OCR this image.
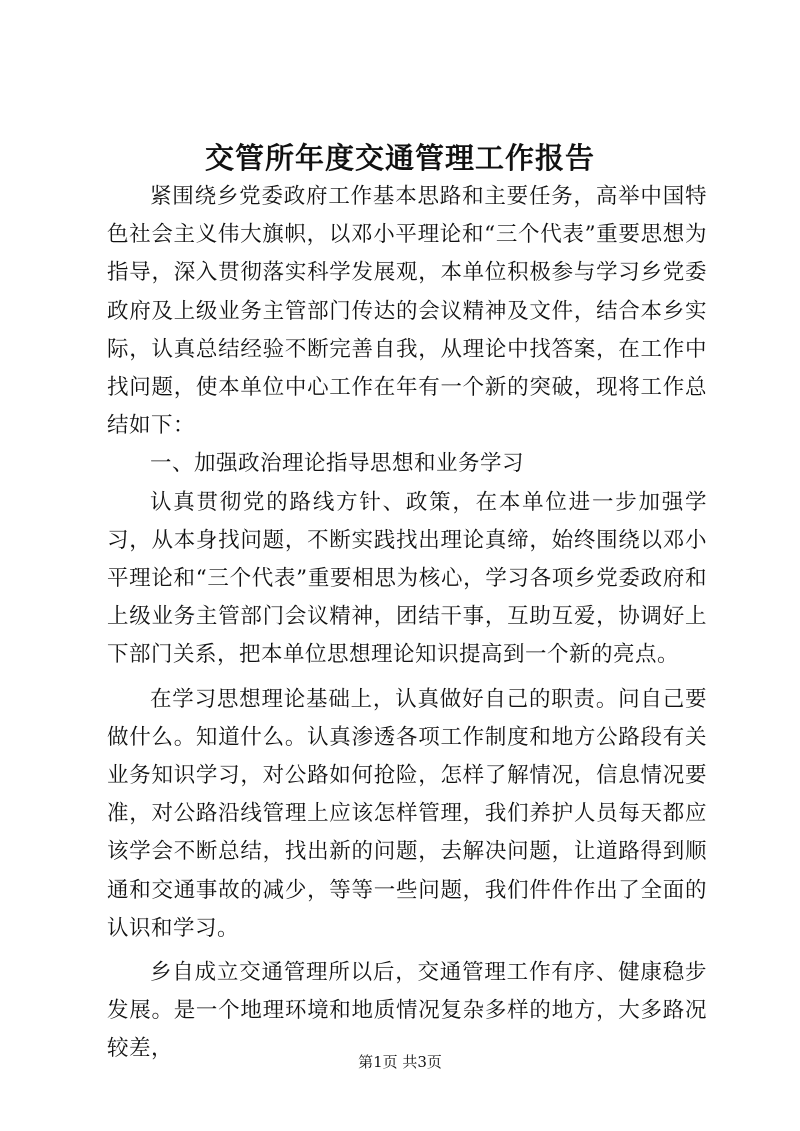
交管所年度交通管理工作报告

紧围绕乡党委政府工作基本思路和主要任务，高举中国特色社会主义伟大旗帜，以邓小平理论和“三个代表”重要思想为指导，深入贯彻落实科学发展观，本单位积极参与学习乡党委政府及上级业务主管部门传达的会议精神及文件，结合本乡实际，认真总结经验不断完善自我，从理论中找答案，在工作中找问题，使本单位中心工作在年有一个新的突破，现将工作总结如下：

一、加强政治理论指导思想和业务学习

认真贯彻党的路线方针、政策，在本单位进一步加强学习，从本身找问题，不断实践找出理论真缔，始终围绕以邓小平理论和“三个代表”重要相思为核心，学习各项乡党委政府和上级业务主管部门会议精神，团结干事，互助互爱，协调好上下部门关系，把本单位思想理论知识提高到一个新的亮点。

在学习思想理论基础上，认真做好自己的职责。问自己要做什么。知道什么。认真渗透各项工作制度和地方公路段有关业务知识学习，对公路如何抢险，怎样了解情况，信息情况要准，对公路沿线管理上应该怎样管理，我们养护人员每天都应该学会不断总结，找出新的问题，去解决问题，让道路得到顺通和交通事故的减少，等等一些问题，我们件件作出了全面的认识和学习。

乡自成立交通管理所以后，交通管理工作有序、健康稳步发展。是一个地理环境和地质情况复杂多样的地方，大多路况较差，

第1页 共3页
